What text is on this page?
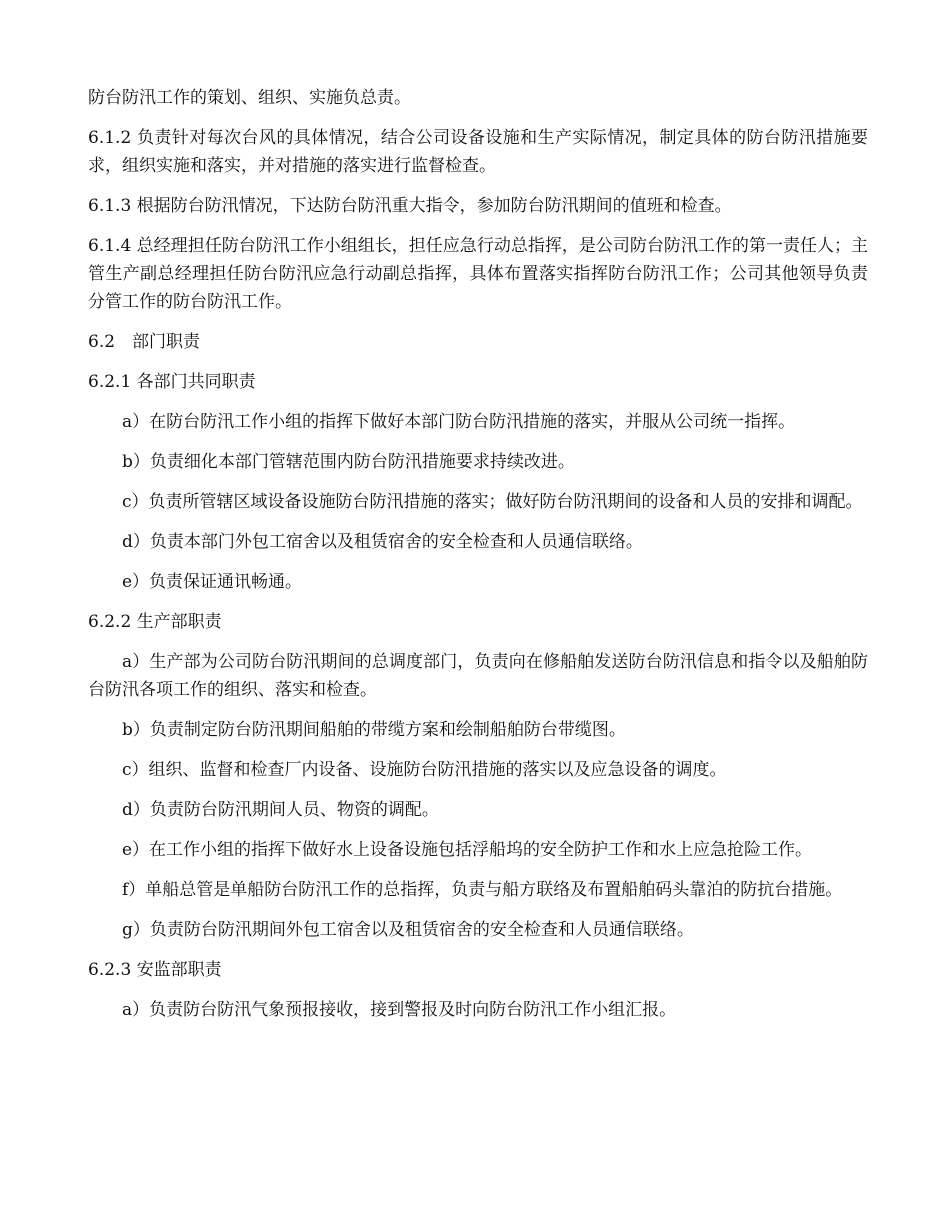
防台防汛工作的策划、组织、实施负总责。

6.1.2 负责针对每次台风的具体情况，结合公司设备设施和生产实际情况，制定具体的防台防汛措施要求，组织实施和落实，并对措施的落实进行监督检查。

6.1.3 根据防台防汛情况，下达防台防汛重大指令，参加防台防汛期间的值班和检查。

6.1.4 总经理担任防台防汛工作小组组长，担任应急行动总指挥，是公司防台防汛工作的第一责任人；主管生产副总经理担任防台防汛应急行动副总指挥，具体布置落实指挥防台防汛工作；公司其他领导负责分管工作的防台防汛工作。

6.2　部门职责

6.2.1 各部门共同职责

a）在防台防汛工作小组的指挥下做好本部门防台防汛措施的落实，并服从公司统一指挥。

b）负责细化本部门管辖范围内防台防汛措施要求持续改进。

c）负责所管辖区域设备设施防台防汛措施的落实；做好防台防汛期间的设备和人员的安排和调配。

d）负责本部门外包工宿舍以及租赁宿舍的安全检查和人员通信联络。

e）负责保证通讯畅通。

6.2.2 生产部职责

a）生产部为公司防台防汛期间的总调度部门，负责向在修船舶发送防台防汛信息和指令以及船舶防台防汛各项工作的组织、落实和检查。

b）负责制定防台防汛期间船舶的带缆方案和绘制船舶防台带缆图。

c）组织、监督和检查厂内设备、设施防台防汛措施的落实以及应急设备的调度。

d）负责防台防汛期间人员、物资的调配。

e）在工作小组的指挥下做好水上设备设施包括浮船坞的安全防护工作和水上应急抢险工作。

f）单船总管是单船防台防汛工作的总指挥，负责与船方联络及布置船舶码头靠泊的防抗台措施。

g）负责防台防汛期间外包工宿舍以及租赁宿舍的安全检查和人员通信联络。

6.2.3 安监部职责

a）负责防台防汛气象预报接收，接到警报及时向防台防汛工作小组汇报。
